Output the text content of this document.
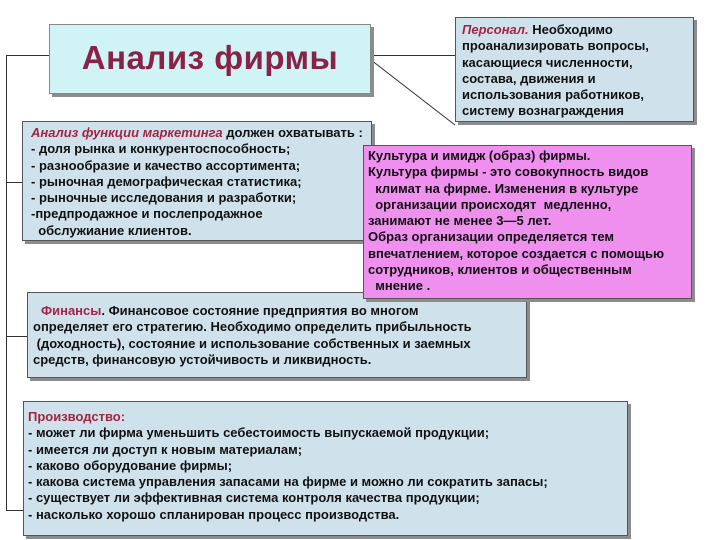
Анализ фирмы
Персонал. Необходимо
проанализировать вопросы,
касающиеся численности,
состава, движения и
использования работников,
систему вознаграждения
Анализ функции маркетинга должен охватывать :
- доля рынка и конкурентоспособность;
- разнообразие и качество ассортимента;
- рыночная демографическая статистика;
- рыночные исследования и разработки;
-предпродажное и послепродажное
обслужиание клиентов.
Финансы. Финансовое состояние предприятия во многом
определяет его стратегию. Необходимо определить прибыльность
(доходность), состояние и использование собственных и заемных
средств, финансовую устойчивость и ликвидность.
Культура и имидж (образ) фирмы.
Культура фирмы - это совокупность видов
климат на фирме. Изменения в культуре
организации происходят  медленно,
занимают не менее 3—5 лет.
Образ организации определяется тем
впечатлением, которое создается с помощью
сотрудников, клиентов и общественным
мнение .
Производство:
- может ли фирма уменьшить себестоимость выпускаемой продукции;
- имеется ли доступ к новым материалам;
- каково оборудование фирмы;
- какова система управления запасами на фирме и можно ли сократить запасы;
- существует ли эффективная система контроля качества продукции;
- насколько хорошо спланирован процесс производства.
